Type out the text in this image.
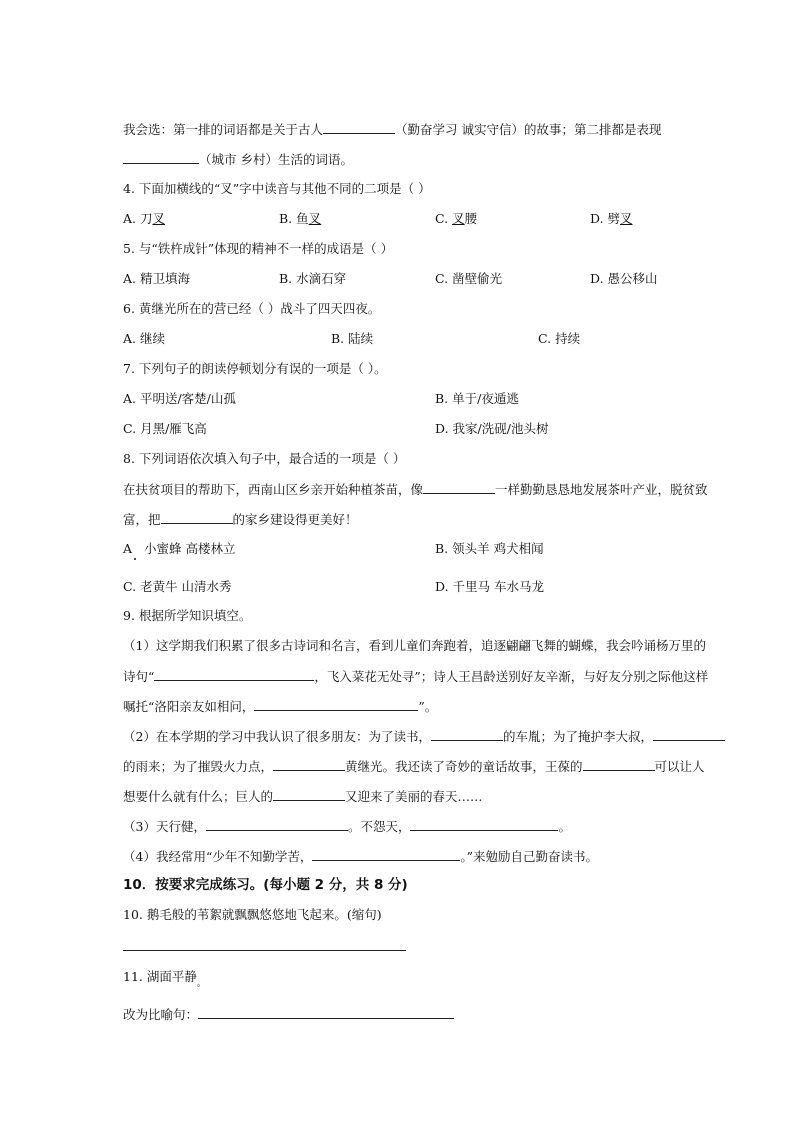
我会选：第一排的词语都是关于古人	（勤奋学习 诚实守信）的故事；第二排都是表现
（城市 乡村）生活的词语。
4. 下面加横线的“叉”字中读音与其他不同的二项是（ ）
A. 刀叉	B. 鱼叉	C. 叉腰	D. 劈叉
5. 与“铁杵成针”体现的精神不一样的成语是（ ）
A. 精卫填海	B. 水滴石穿	C. 凿壁偷光	D. 愚公移山
6. 黄继光所在的营已经（ ）战斗了四天四夜。
A. 继续	B. 陆续	C. 持续
7. 下列句子的朗读停顿划分有误的一项是（ ）。
A. 平明送/客楚/山孤	B. 单于/夜遁逃
C. 月黑/雁飞高	D. 我家/洗砚/池头树
8. 下列词语依次填入句子中，最合适的一项是（ ）
在扶贫项目的帮助下，西南山区乡亲开始种植茶苗，像	一样勤勤恳恳地发展茶叶产业，脱贫致
富，把	的家乡建设得更美好！
A 小蜜蜂 高楼林立	B. 领头羊 鸡犬相闻
C. 老黄牛 山清水秀	D. 千里马 车水马龙
9. 根据所学知识填空。
（1）这学期我们积累了很多古诗词和名言，看到儿童们奔跑着，追逐翩翩飞舞的蝴蝶，我会吟诵杨万里的
诗句“	，飞入菜花无处寻”；诗人王昌龄送别好友辛渐，与好友分别之际他这样
嘱托“洛阳亲友如相问，	”。
（2）在本学期的学习中我认识了很多朋友：为了读书，	的车胤；为了掩护李大叔，
的雨来；为了摧毁火力点，	黄继光。我还读了奇妙的童话故事，王葆的	可以让人
想要什么就有什么；巨人的	又迎来了美丽的春天……
（3）天行健，	。不怨天，	。
（4）我经常用“少年不知勤学苦，	。”来勉励自己勤奋读书。
10．按要求完成练习。(每小题 2 分，共 8 分)
10. 鹅毛般的苇絮就飘飘悠悠地飞起来。(缩句)
11. 湖面平静$_。$
改为比喻句：
